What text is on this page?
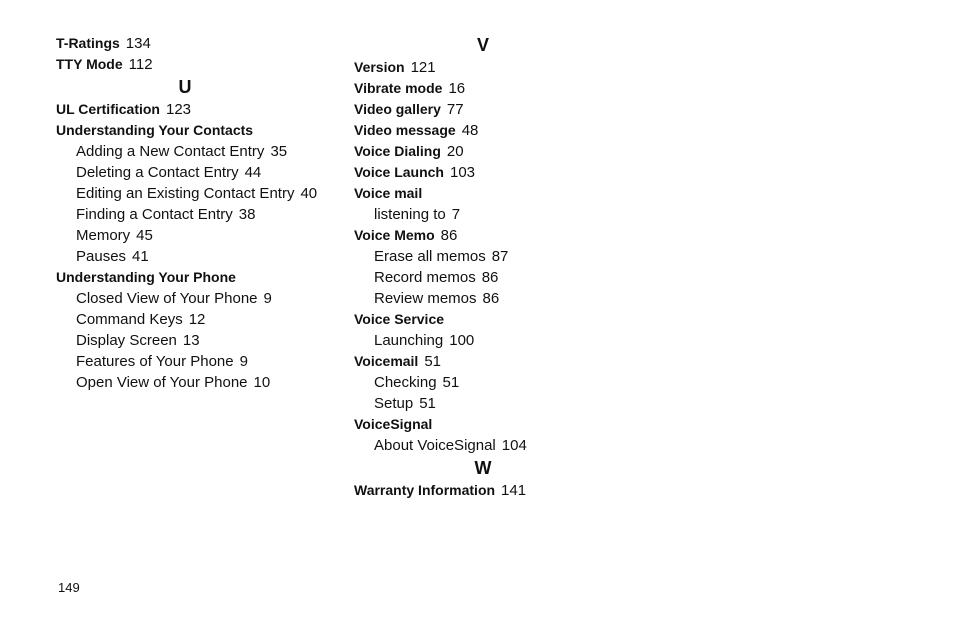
T-Ratings 134
TTY Mode 112
U
UL Certification 123
Understanding Your Contacts
Adding a New Contact Entry 35
Deleting a Contact Entry 44
Editing an Existing Contact Entry 40
Finding a Contact Entry 38
Memory 45
Pauses 41
Understanding Your Phone
Closed View of Your Phone 9
Command Keys 12
Display Screen 13
Features of Your Phone 9
Open View of Your Phone 10
V
Version 121
Vibrate mode 16
Video gallery 77
Video message 48
Voice Dialing 20
Voice Launch 103
Voice mail
listening to 7
Voice Memo 86
Erase all memos 87
Record memos 86
Review memos 86
Voice Service
Launching 100
Voicemail 51
Checking 51
Setup 51
VoiceSignal
About VoiceSignal 104
W
Warranty Information 141
149
